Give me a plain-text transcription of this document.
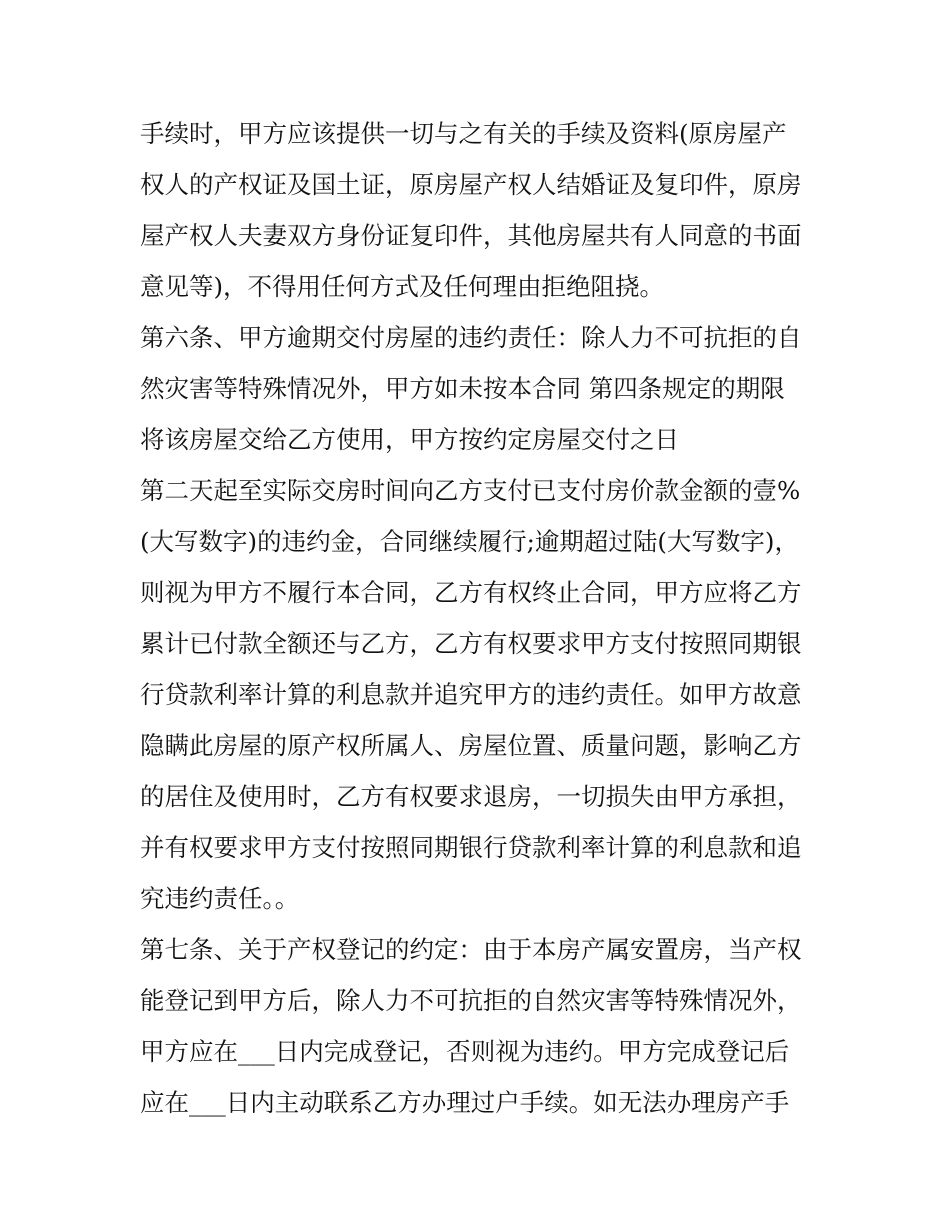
手续时，甲方应该提供一切与之有关的手续及资料(原房屋产
权人的产权证及国土证，原房屋产权人结婚证及复印件，原房
屋产权人夫妻双方身份证复印件，其他房屋共有人同意的书面
意见等)，不得用任何方式及任何理由拒绝阻挠。
第六条、甲方逾期交付房屋的违约责任：除人力不可抗拒的自
然灾害等特殊情况外，甲方如未按本合同 第四条规定的期限
将该房屋交给乙方使用，甲方按约定房屋交付之日
第二天起至实际交房时间向乙方支付已支付房价款金额的壹%
(大写数字)的违约金，合同继续履行;逾期超过陆(大写数字)，
则视为甲方不履行本合同，乙方有权终止合同，甲方应将乙方
累计已付款全额还与乙方，乙方有权要求甲方支付按照同期银
行贷款利率计算的利息款并追究甲方的违约责任。如甲方故意
隐瞒此房屋的原产权所属人、房屋位置、质量问题，影响乙方
的居住及使用时，乙方有权要求退房，一切损失由甲方承担，
并有权要求甲方支付按照同期银行贷款利率计算的利息款和追
究违约责任。。
第七条、关于产权登记的约定：由于本房产属安置房，当产权
能登记到甲方后，除人力不可抗拒的自然灾害等特殊情况外，
甲方应在___日内完成登记，否则视为违约。甲方完成登记后
应在___日内主动联系乙方办理过户手续。如无法办理房产手
